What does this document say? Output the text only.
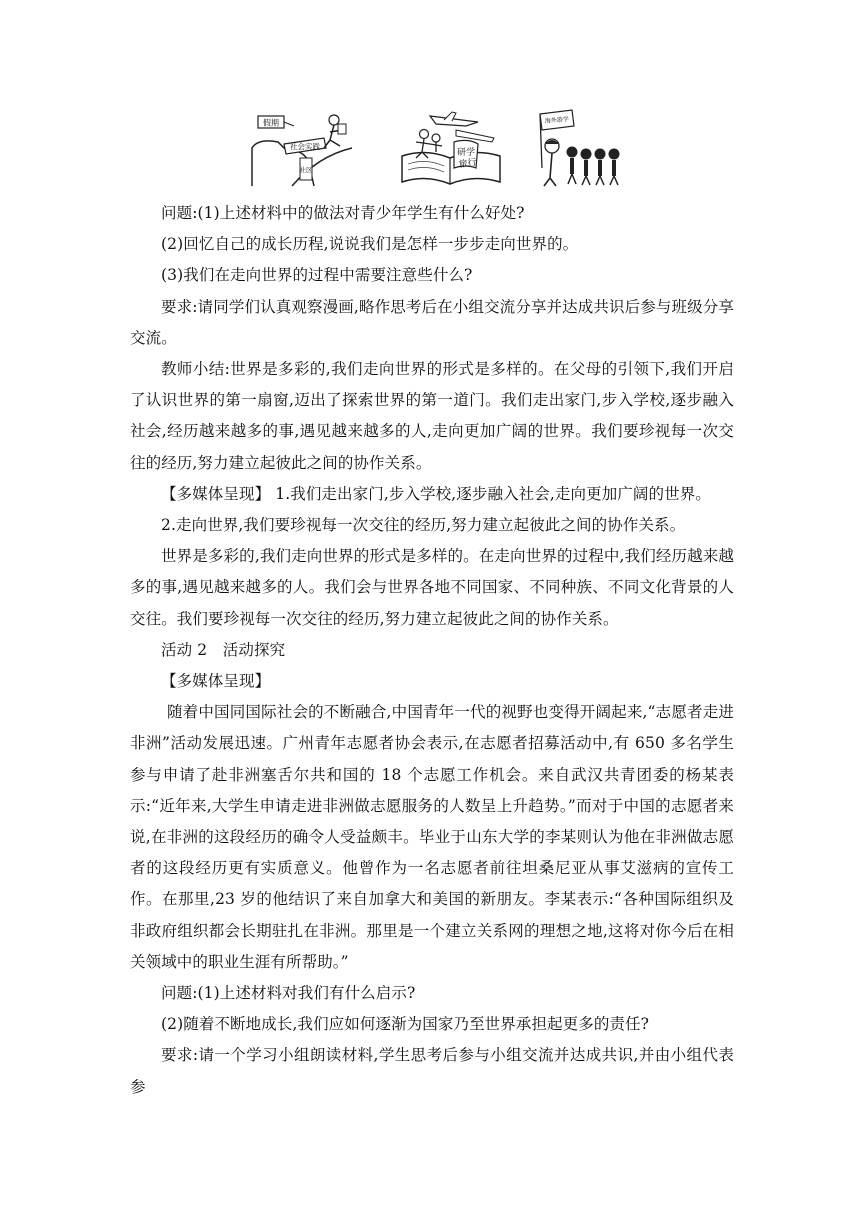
假期
社会实践
社区
研学
旅行
海外游学

问题:(1)上述材料中的做法对青少年学生有什么好处?

(2)回忆自己的成长历程,说说我们是怎样一步步走向世界的。

(3)我们在走向世界的过程中需要注意些什么?

要求:请同学们认真观察漫画,略作思考后在小组交流分享并达成共识后参与班级分享交流。

教师小结:世界是多彩的,我们走向世界的形式是多样的。在父母的引领下,我们开启了认识世界的第一扇窗,迈出了探索世界的第一道门。我们走出家门,步入学校,逐步融入社会,经历越来越多的事,遇见越来越多的人,走向更加广阔的世界。我们要珍视每一次交往的经历,努力建立起彼此之间的协作关系。

【多媒体呈现】 1.我们走出家门,步入学校,逐步融入社会,走向更加广阔的世界。

2.走向世界,我们要珍视每一次交往的经历,努力建立起彼此之间的协作关系。

世界是多彩的,我们走向世界的形式是多样的。在走向世界的过程中,我们经历越来越多的事,遇见越来越多的人。我们会与世界各地不同国家、不同种族、不同文化背景的人交往。我们要珍视每一次交往的经历,努力建立起彼此之间的协作关系。

活动 2　活动探究

【多媒体呈现】

随着中国同国际社会的不断融合,中国青年一代的视野也变得开阔起来,“志愿者走进非洲”活动发展迅速。广州青年志愿者协会表示,在志愿者招募活动中,有 650 多名学生参与申请了赴非洲塞舌尔共和国的 18 个志愿工作机会。来自武汉共青团委的杨某表示:“近年来,大学生申请走进非洲做志愿服务的人数呈上升趋势。”而对于中国的志愿者来说,在非洲的这段经历的确令人受益颇丰。毕业于山东大学的李某则认为他在非洲做志愿者的这段经历更有实质意义。他曾作为一名志愿者前往坦桑尼亚从事艾滋病的宣传工作。在那里,23 岁的他结识了来自加拿大和美国的新朋友。李某表示:“各种国际组织及非政府组织都会长期驻扎在非洲。那里是一个建立关系网的理想之地,这将对你今后在相关领域中的职业生涯有所帮助。”

问题:(1)上述材料对我们有什么启示?

(2)随着不断地成长,我们应如何逐渐为国家乃至世界承担起更多的责任?

要求:请一个学习小组朗读材料,学生思考后参与小组交流并达成共识,并由小组代表参
